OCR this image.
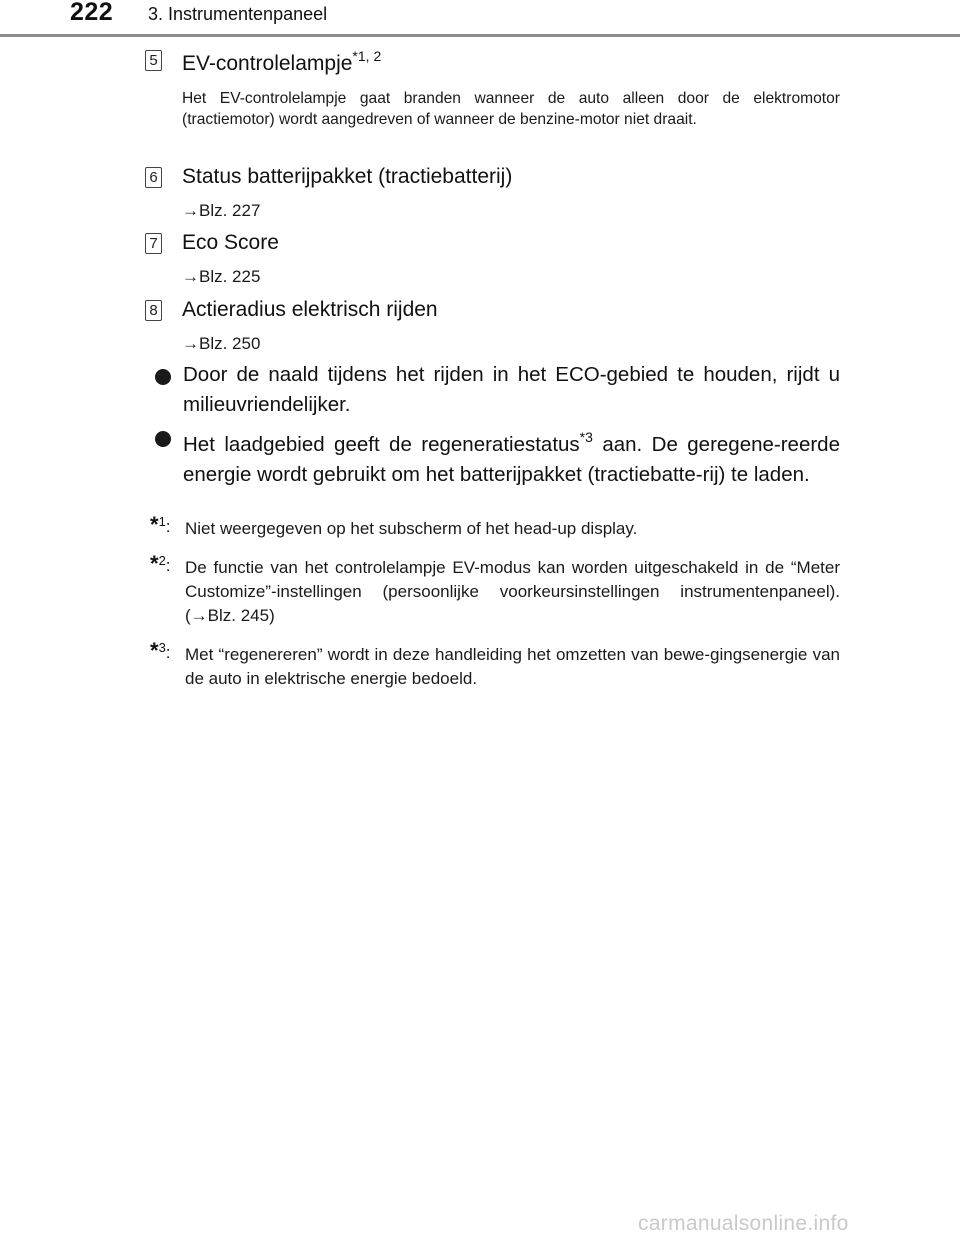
222 3. Instrumentenpaneel
5 EV-controlelampje$^{*1, 2}$
Het EV-controlelampje gaat branden wanneer de auto alleen door de elektromotor (tractiemotor) wordt aangedreven of wanneer de benzine-motor niet draait.
6 Status batterijpakket (tractiebatterij)
→Blz. 227
7 Eco Score
→Blz. 225
8 Actieradius elektrisch rijden
→Blz. 250
Door de naald tijdens het rijden in het ECO-gebied te houden, rijdt u milieuvriendelijker.
Het laadgebied geeft de regeneratiestatus$^{*3}$ aan. De geregene-reerde energie wordt gebruikt om het batterijpakket (tractiebatte-rij) te laden.
*$^1$: Niet weergegeven op het subscherm of het head-up display.
*$^2$: De functie van het controlelampje EV-modus kan worden uitgeschakeld in de “Meter Customize”-instellingen (persoonlijke voorkeursinstellingen instrumentenpaneel). (→Blz. 245)
*$^3$: Met “regenereren” wordt in deze handleiding het omzetten van bewe-gingsenergie van de auto in elektrische energie bedoeld.
carmanualsonline.info
